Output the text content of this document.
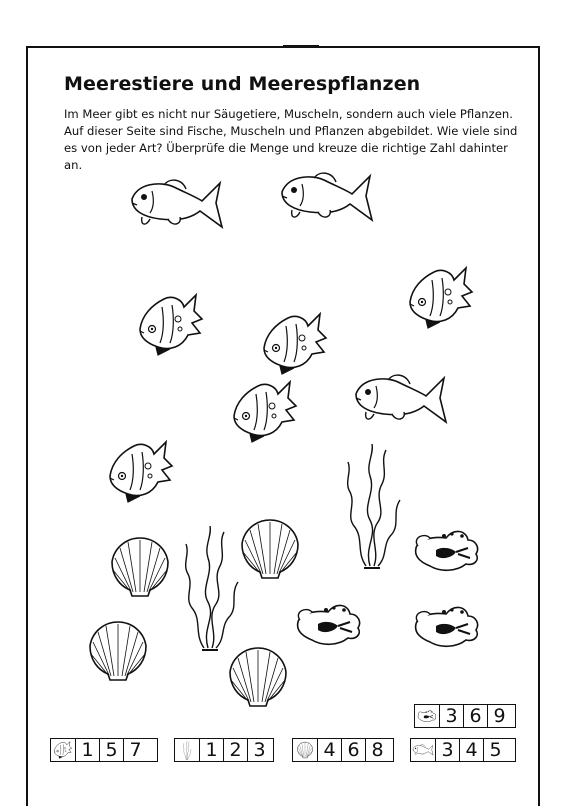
Meerestiere und Meerespflanzen

Im Meer gibt es nicht nur Säugetiere, Muscheln, sondern auch viele Pflanzen.
Auf dieser Seite sind Fische, Muscheln und Pflanzen abgebildet. Wie viele sind
es von jeder Art? Überprüfe die Menge und kreuze die richtige Zahl dahinter
an.

3 6 9
1 5 7	1 2 3	4 6 8	3 4 5
